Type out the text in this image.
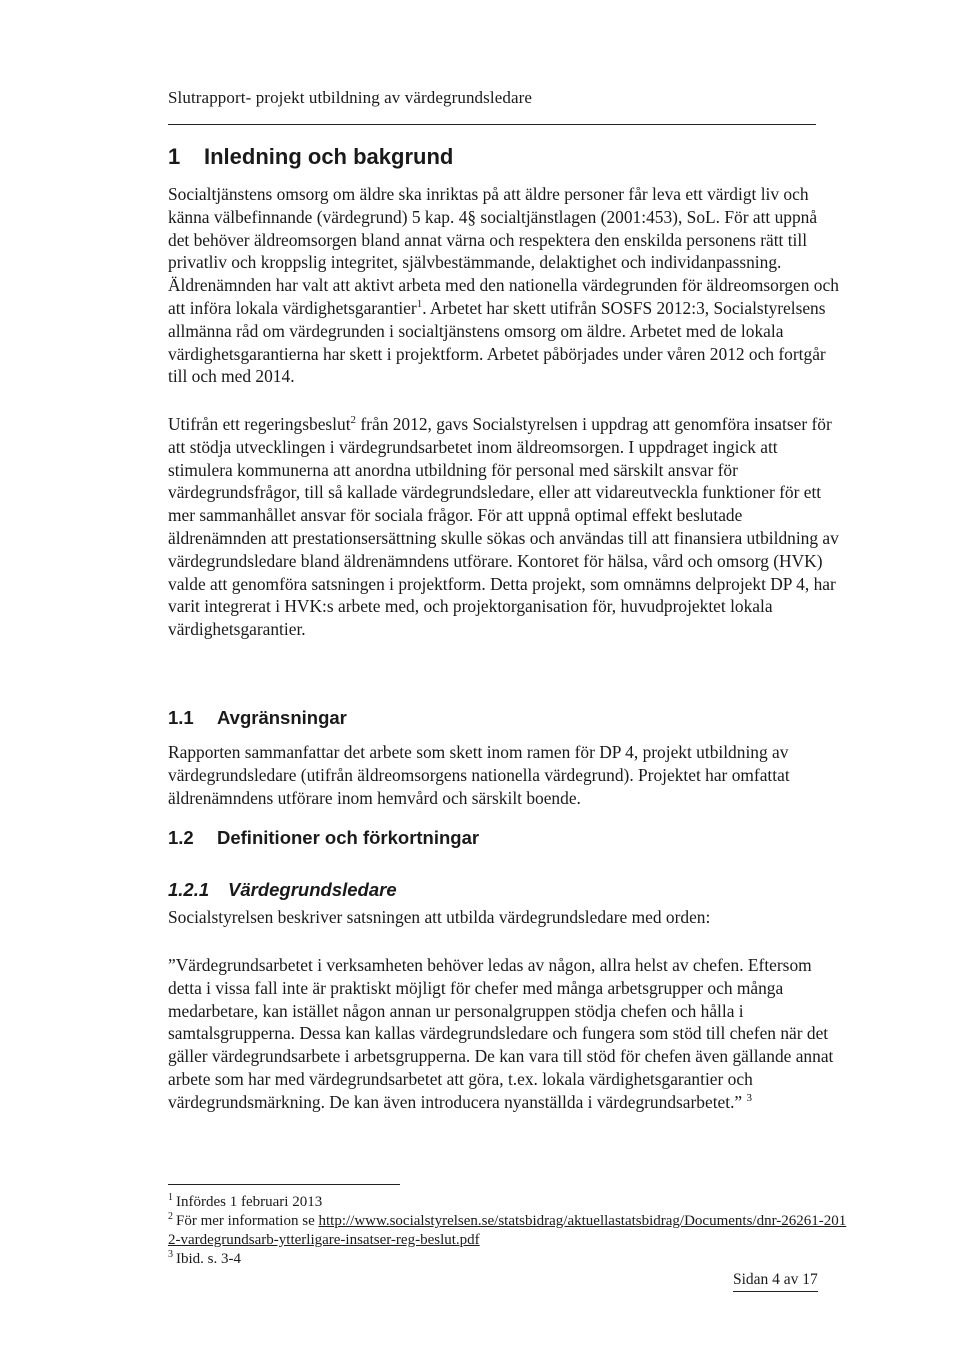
Slutrapport- projekt utbildning av värdegrundsledare
1 Inledning och bakgrund

Socialtjänstens omsorg om äldre ska inriktas på att äldre personer får leva ett värdigt liv och känna välbefinnande (värdegrund) 5 kap. 4§ socialtjänstlagen (2001:453), SoL. För att uppnå det behöver äldreomsorgen bland annat värna och respektera den enskilda personens rätt till privatliv och kroppslig integritet, självbestämmande, delaktighet och individanpassning. Äldrenämnden har valt att aktivt arbeta med den nationella värdegrunden för äldreomsorgen och att införa lokala värdighetsgarantier$^1$. Arbetet har skett utifrån SOSFS 2012:3, Socialstyrelsens allmänna råd om värdegrunden i socialtjänstens omsorg om äldre. Arbetet med de lokala värdighetsgarantierna har skett i projektform. Arbetet påbörjades under våren 2012 och fortgår till och med 2014.

Utifrån ett regeringsbeslut$^2$ från 2012, gavs Socialstyrelsen i uppdrag att genomföra insatser för att stödja utvecklingen i värdegrundsarbetet inom äldreomsorgen. I uppdraget ingick att stimulera kommunerna att anordna utbildning för personal med särskilt ansvar för värdegrundsfrågor, till så kallade värdegrundsledare, eller att vidareutveckla funktioner för ett mer sammanhållet ansvar för sociala frågor. För att uppnå optimal effekt beslutade äldrenämnden att prestationsersättning skulle sökas och användas till att finansiera utbildning av värdegrundsledare bland äldrenämndens utförare. Kontoret för hälsa, vård och omsorg (HVK) valde att genomföra satsningen i projektform. Detta projekt, som omnämns delprojekt DP 4, har varit integrerat i HVK:s arbete med, och projektorganisation för, huvudprojektet lokala värdighetsgarantier.

1.1 Avgränsningar

Rapporten sammanfattar det arbete som skett inom ramen för DP 4, projekt utbildning av värdegrundsledare (utifrån äldreomsorgens nationella värdegrund). Projektet har omfattat äldrenämndens utförare inom hemvård och särskilt boende.

1.2 Definitioner och förkortningar
1.2.1 Värdegrundsledare

Socialstyrelsen beskriver satsningen att utbilda värdegrundsledare med orden:

”Värdegrundsarbetet i verksamheten behöver ledas av någon, allra helst av chefen. Eftersom detta i vissa fall inte är praktiskt möjligt för chefer med många arbetsgrupper och många medarbetare, kan istället någon annan ur personalgruppen stödja chefen och hålla i samtalsgrupperna. Dessa kan kallas värdegrundsledare och fungera som stöd till chefen när det gäller värdegrundsarbete i arbetsgrupperna. De kan vara till stöd för chefen även gällande annat arbete som har med värdegrundsarbetet att göra, t.ex. lokala värdighetsgarantier och värdegrundsmärkning. De kan även introducera nyanställda i värdegrundsarbetet.” $^3$

$^1$ Infördes 1 februari 2013
$^2$ För mer information se http://www.socialstyrelsen.se/statsbidrag/aktuellastatsbidrag/Documents/dnr-26261-2012-vardegrundsarb-ytterligare-insatser-reg-beslut.pdf
$^3$ Ibid. s. 3-4
Sidan 4 av 17
